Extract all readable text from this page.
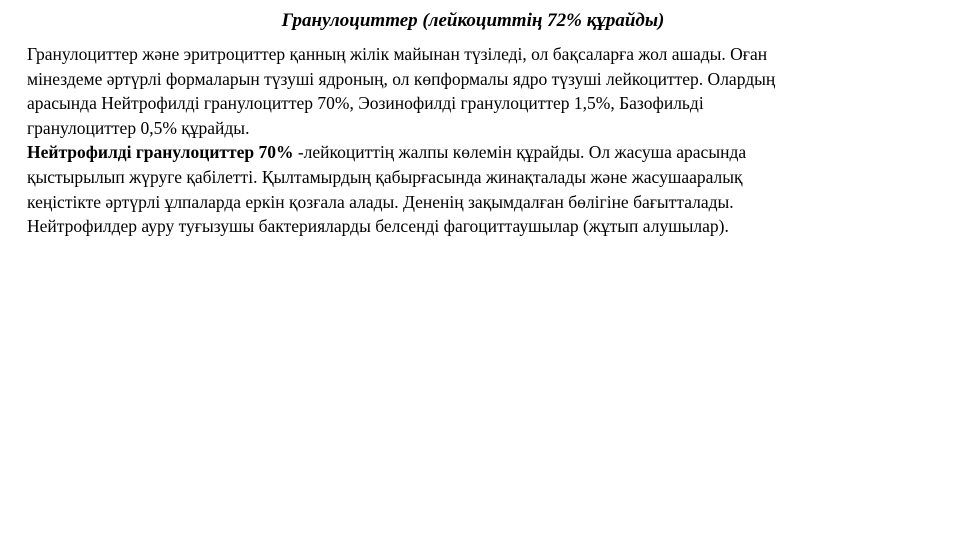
Гранулоциттер (лейкоциттің 72% құрайды)
Гранулоциттер және эритроциттер қанның жілік майынан түзіледі, ол бақсаларға жол ашады. Оған
мінездеме әртүрлі формаларын түзуші ядроның, ол көпформалы ядро түзуші лейкоциттер. Олардың
арасында Нейтрофилді гранулоциттер 70%, Эозинофилді гранулоциттер 1,5%, Базофильді
гранулоциттер 0,5% құрайды.
Нейтрофилді гранулоциттер 70% -лейкоциттің жалпы көлемін құрайды. Ол жасуша арасында
қыстырылып жүруге қабілетті. Қылтамырдың қабырғасында жинақталады және жасушааралық
кеңістікте әртүрлі ұлпаларда еркін қозғала алады. Дененің зақымдалған бөлігіне бағытталады.
Нейтрофилдер ауру туғызушы бактерияларды белсенді фагоциттаушылар (жұтып алушылар).
